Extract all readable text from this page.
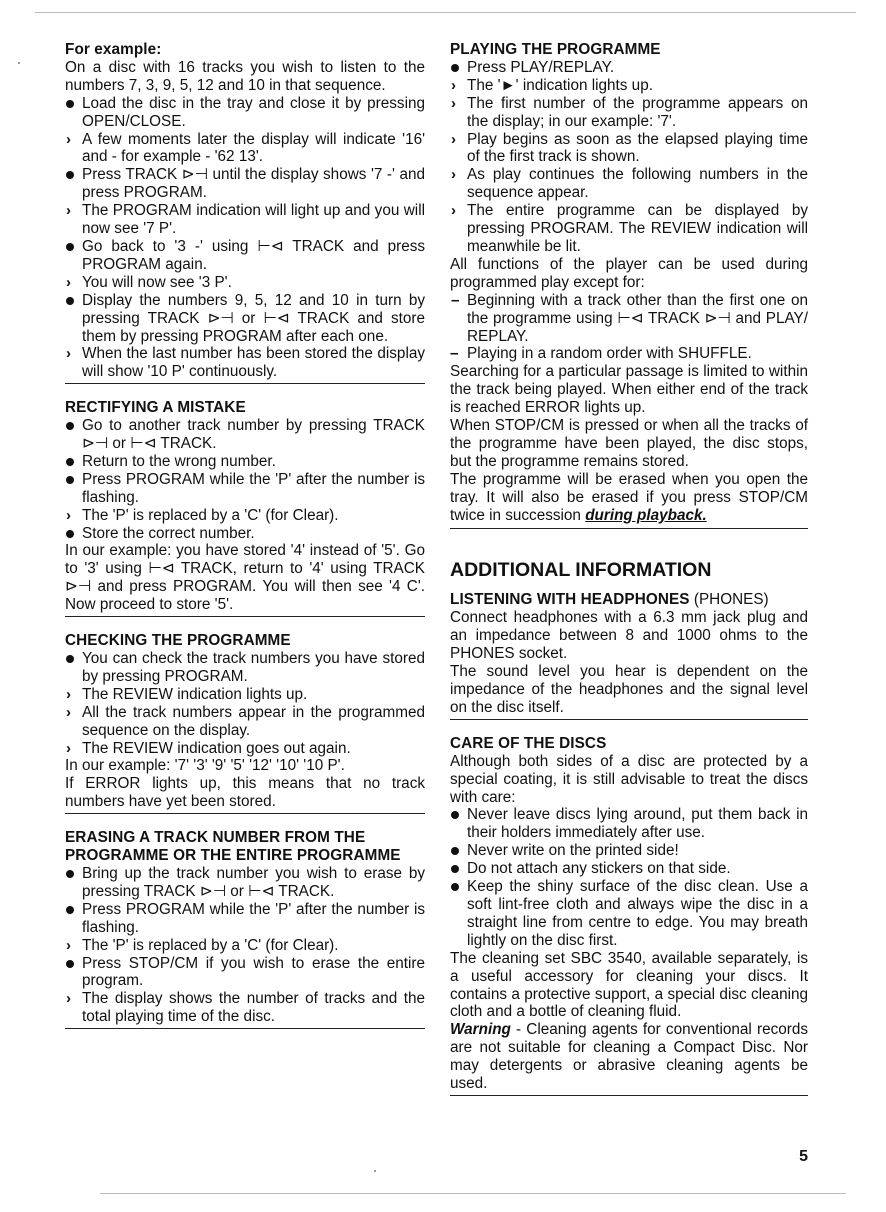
For example:
On a disc with 16 tracks you wish to listen to the numbers 7, 3, 9, 5, 12 and 10 in that sequence.
Load the disc in the tray and close it by pressing OPEN/CLOSE.
› A few moments later the display will indicate '16' and - for example - '62 13'.
Press TRACK ⊳⊣ until the display shows '7 -' and press PROGRAM.
› The PROGRAM indication will light up and you will now see '7 P'.
Go back to '3 -' using ⊢⊲ TRACK and press PROGRAM again.
› You will now see '3 P'.
Display the numbers 9, 5, 12 and 10 in turn by pressing TRACK ⊳⊣ or ⊢⊲ TRACK and store them by pressing PROGRAM after each one.
› When the last number has been stored the display will show '10 P' continuously.
RECTIFYING A MISTAKE
Go to another track number by pressing TRACK ⊳⊣ or ⊢⊲ TRACK.
Return to the wrong number.
Press PROGRAM while the 'P' after the number is flashing.
› The 'P' is replaced by a 'C' (for Clear).
Store the correct number.
In our example: you have stored '4' instead of '5'. Go to '3' using ⊢⊲ TRACK, return to '4' using TRACK ⊳⊣ and press PROGRAM. You will then see '4 C'. Now proceed to store '5'.
CHECKING THE PROGRAMME
You can check the track numbers you have stored by pressing PROGRAM.
› The REVIEW indication lights up.
› All the track numbers appear in the programmed sequence on the display.
› The REVIEW indication goes out again.
In our example: '7' '3' '9' '5' '12' '10' '10 P'.
If ERROR lights up, this means that no track numbers have yet been stored.
ERASING A TRACK NUMBER FROM THE PROGRAMME OR THE ENTIRE PROGRAMME
Bring up the track number you wish to erase by pressing TRACK ⊳⊣ or ⊢⊲ TRACK.
Press PROGRAM while the 'P' after the number is flashing.
› The 'P' is replaced by a 'C' (for Clear).
Press STOP/CM if you wish to erase the entire program.
› The display shows the number of tracks and the total playing time of the disc.
PLAYING THE PROGRAMME
Press PLAY/REPLAY.
› The '►' indication lights up.
› The first number of the programme appears on the display; in our example: '7'.
› Play begins as soon as the elapsed playing time of the first track is shown.
› As play continues the following numbers in the sequence appear.
› The entire programme can be displayed by pressing PROGRAM. The REVIEW indication will meanwhile be lit.
All functions of the player can be used during programmed play except for:
– Beginning with a track other than the first one on the programme using ⊢⊲ TRACK ⊳⊣ and PLAY/ REPLAY.
– Playing in a random order with SHUFFLE.
Searching for a particular passage is limited to within the track being played. When either end of the track is reached ERROR lights up.
When STOP/CM is pressed or when all the tracks of the programme have been played, the disc stops, but the programme remains stored.
The programme will be erased when you open the tray. It will also be erased if you press STOP/CM twice in succession during playback.
ADDITIONAL INFORMATION
LISTENING WITH HEADPHONES (PHONES)
Connect headphones with a 6.3 mm jack plug and an impedance between 8 and 1000 ohms to the PHONES socket.
The sound level you hear is dependent on the impedance of the headphones and the signal level on the disc itself.
CARE OF THE DISCS
Although both sides of a disc are protected by a special coating, it is still advisable to treat the discs with care:
Never leave discs lying around, put them back in their holders immediately after use.
Never write on the printed side!
Do not attach any stickers on that side.
Keep the shiny surface of the disc clean. Use a soft lint-free cloth and always wipe the disc in a straight line from centre to edge. You may breath lightly on the disc first.
The cleaning set SBC 3540, available separately, is a useful accessory for cleaning your discs. It contains a protective support, a special disc cleaning cloth and a bottle of cleaning fluid.
Warning - Cleaning agents for conventional records are not suitable for cleaning a Compact Disc. Nor may detergents or abrasive cleaning agents be used.
5
